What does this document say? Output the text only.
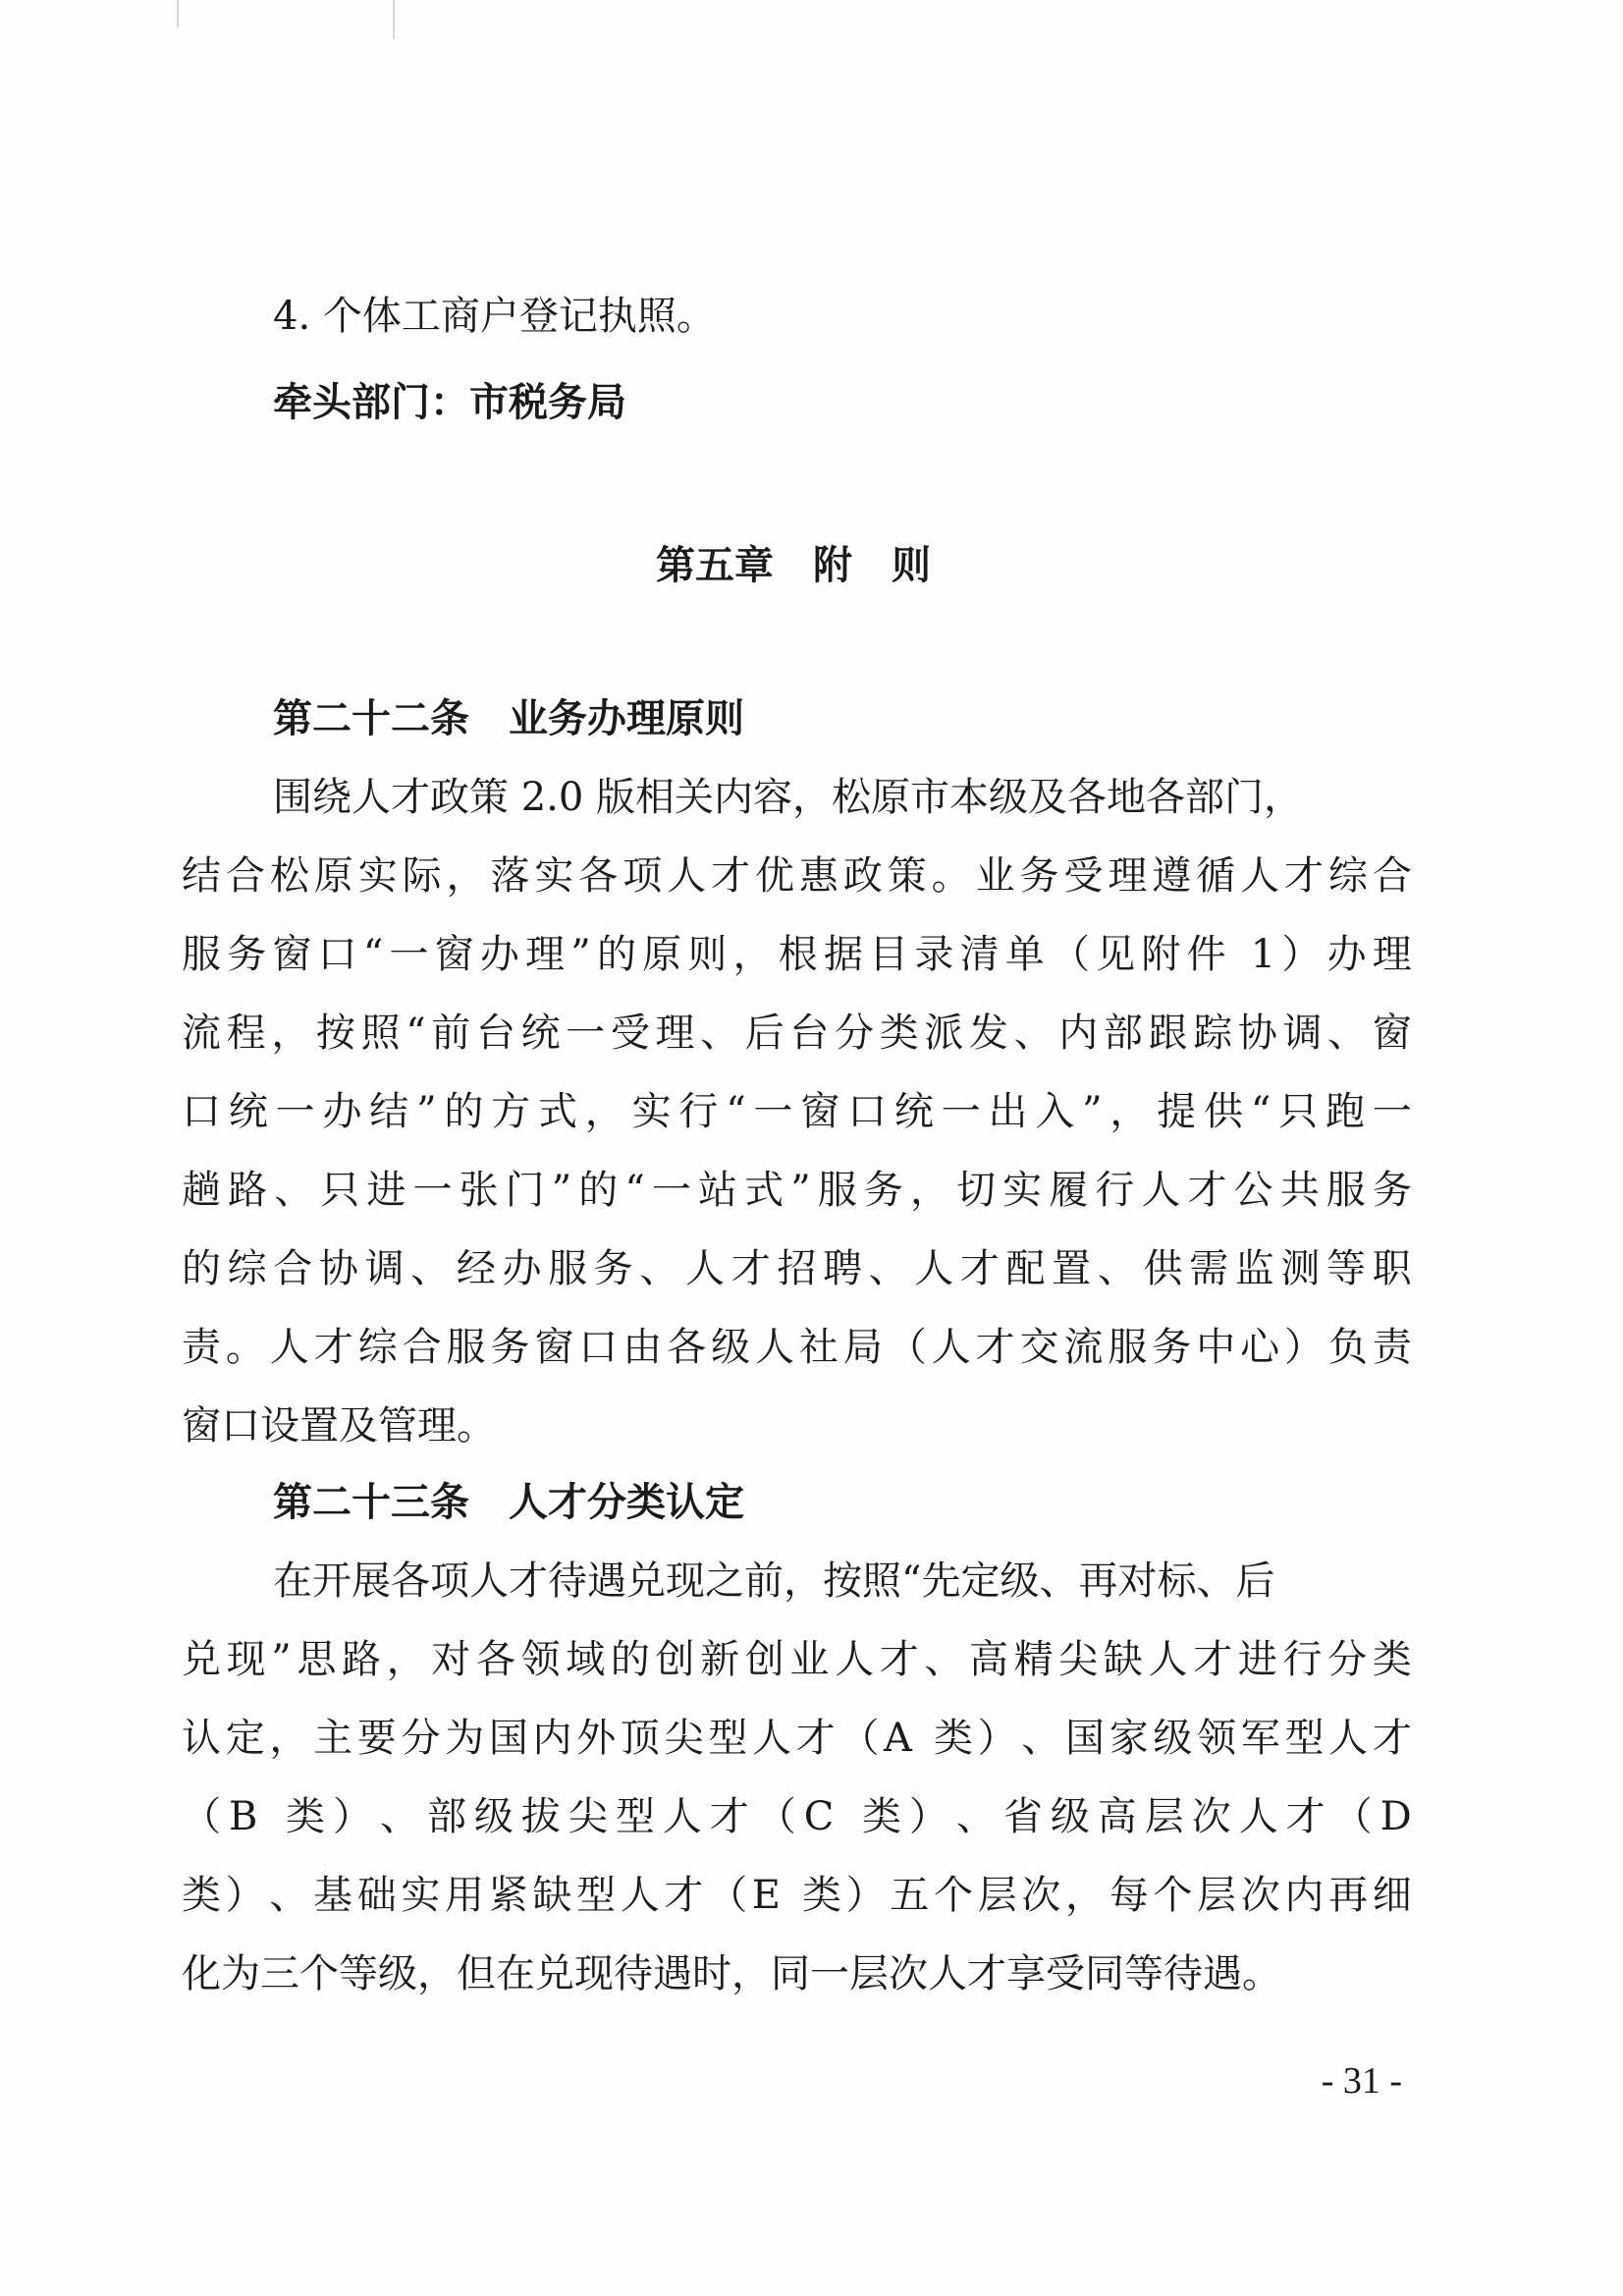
4. 个体工商户登记执照。
牵头部门：市税务局
第五章　附　则
第二十二条　业务办理原则
围绕人才政策 2.0 版相关内容，松原市本级及各地各部门，
结 合 松 原 实 际 ， 落 实 各 项 人 才 优 惠 政 策 。 业 务 受 理 遵 循 人 才 综 合
服 务 窗 口 “ 一 窗 办 理 ” 的 原 则 ， 根 据 目 录 清 单 （ 见 附 件
1 ） 办 理
流 程 ， 按 照 “ 前 台 统 一 受 理 、 后 台 分 类 派 发 、 内 部 跟 踪 协 调 、 窗
口 统 一 办 结 ” 的 方 式 ， 实 行 “ 一 窗 口 统 一 出 入 ” ， 提 供 “ 只 跑 一
趟 路 、 只 进 一 张 门 ” 的 “ 一 站 式 ” 服 务 ， 切 实 履 行 人 才 公 共 服 务
的 综 合 协 调 、 经 办 服 务 、 人 才 招 聘 、 人 才 配 置 、 供 需 监 测 等 职
责 。 人 才 综 合 服 务 窗 口 由 各 级 人 社 局 （ 人 才 交 流 服 务 中 心 ） 负 责
窗口设置及管理。
第二十三条　人才分类认定
在开展各项人才待遇兑现之前，按照“先定级、再对标、后
兑 现 ” 思 路 ， 对 各 领 域 的 创 新 创 业 人 才 、 高 精 尖 缺 人 才 进 行 分 类
认 定 ， 主 要 分 为 国 内 外 顶 尖 型 人 才 （ A
类 ） 、 国 家 级 领 军 型 人 才
（ B
类 ） 、 部 级 拔 尖 型 人 才 （ C
类 ） 、 省 级 高 层 次 人 才 （ D
类 ） 、 基 础 实 用 紧 缺 型 人 才 （ E
类 ） 五 个 层 次 ， 每 个 层 次 内 再 细
化为三个等级，但在兑现待遇时，同一层次人才享受同等待遇。
- 31 -
